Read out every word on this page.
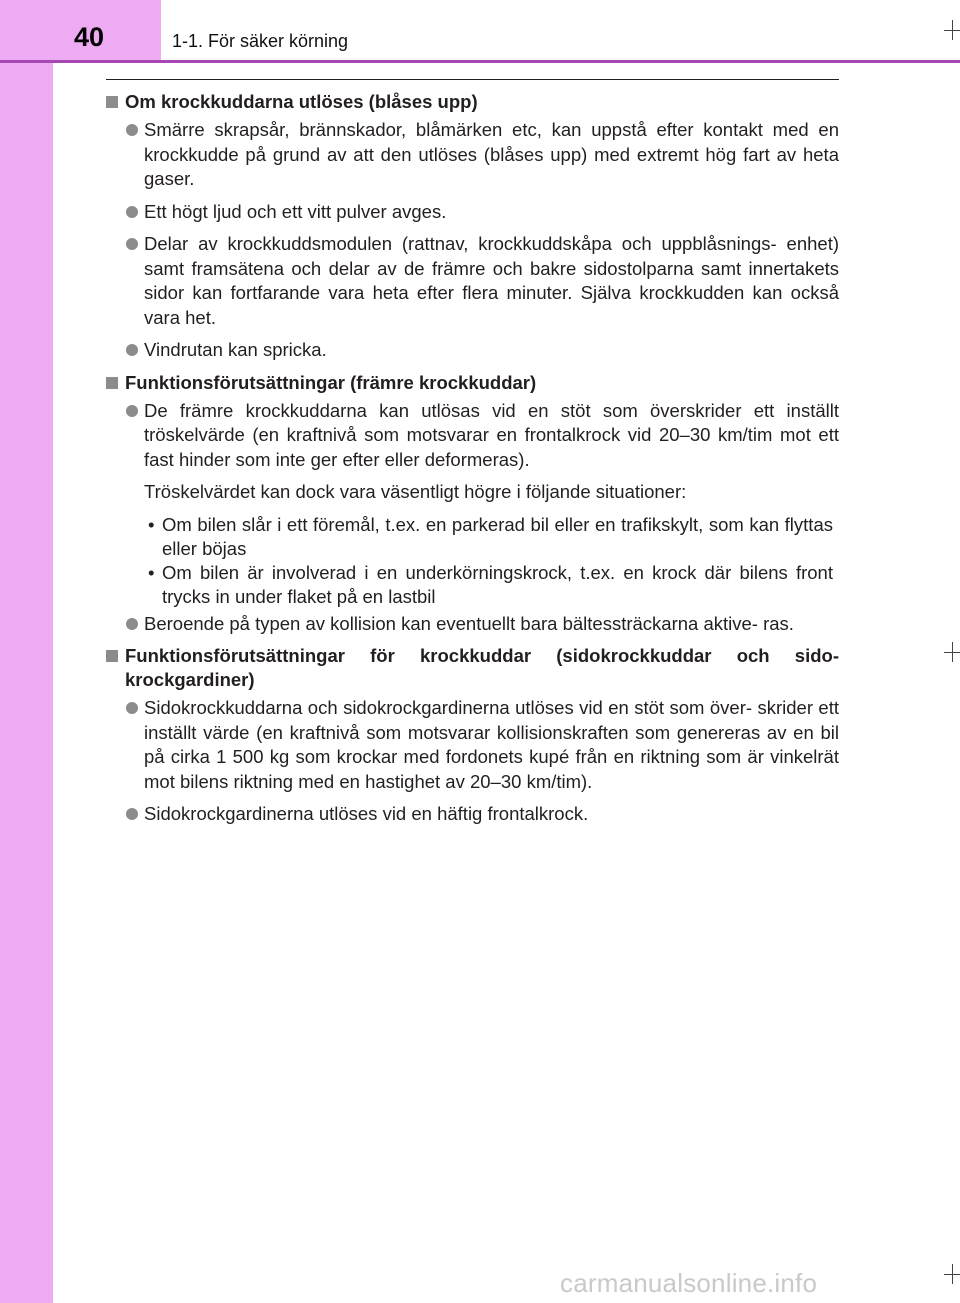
40	1-1. För säker körning
Om krockkuddarna utlöses (blåses upp)
Smärre skrapsår, brännskador, blåmärken etc, kan uppstå efter kontakt med en krockkudde på grund av att den utlöses (blåses upp) med extremt hög fart av heta gaser.
Ett högt ljud och ett vitt pulver avges.
Delar av krockkuddsmodulen (rattnav, krockkuddskåpa och uppblåsnings- enhet) samt framsätena och delar av de främre och bakre sidostolparna samt innertakets sidor kan fortfarande vara heta efter flera minuter. Själva krockkudden kan också vara het.
Vindrutan kan spricka.
Funktionsförutsättningar (främre krockkuddar)
De främre krockkuddarna kan utlösas vid en stöt som överskrider ett inställt tröskelvärde (en kraftnivå som motsvarar en frontalkrock vid 20–30 km/tim mot ett fast hinder som inte ger efter eller deformeras).
Tröskelvärdet kan dock vara väsentligt högre i följande situationer:
• Om bilen slår i ett föremål, t.ex. en parkerad bil eller en trafikskylt, som kan flyttas eller böjas
• Om bilen är involverad i en underkörningskrock, t.ex. en krock där bilens front trycks in under flaket på en lastbil
Beroende på typen av kollision kan eventuellt bara bältessträckarna aktive- ras.
Funktionsförutsättningar för krockkuddar (sidokrockkuddar och sido- krockgardiner)
Sidokrockkuddarna och sidokrockgardinerna utlöses vid en stöt som över- skrider ett inställt värde (en kraftnivå som motsvarar kollisionskraften som genereras av en bil på cirka 1 500 kg som krockar med fordonets kupé från en riktning som är vinkelrät mot bilens riktning med en hastighet av 20–30 km/tim).
Sidokrockgardinerna utlöses vid en häftig frontalkrock.
carmanualsonline.info
